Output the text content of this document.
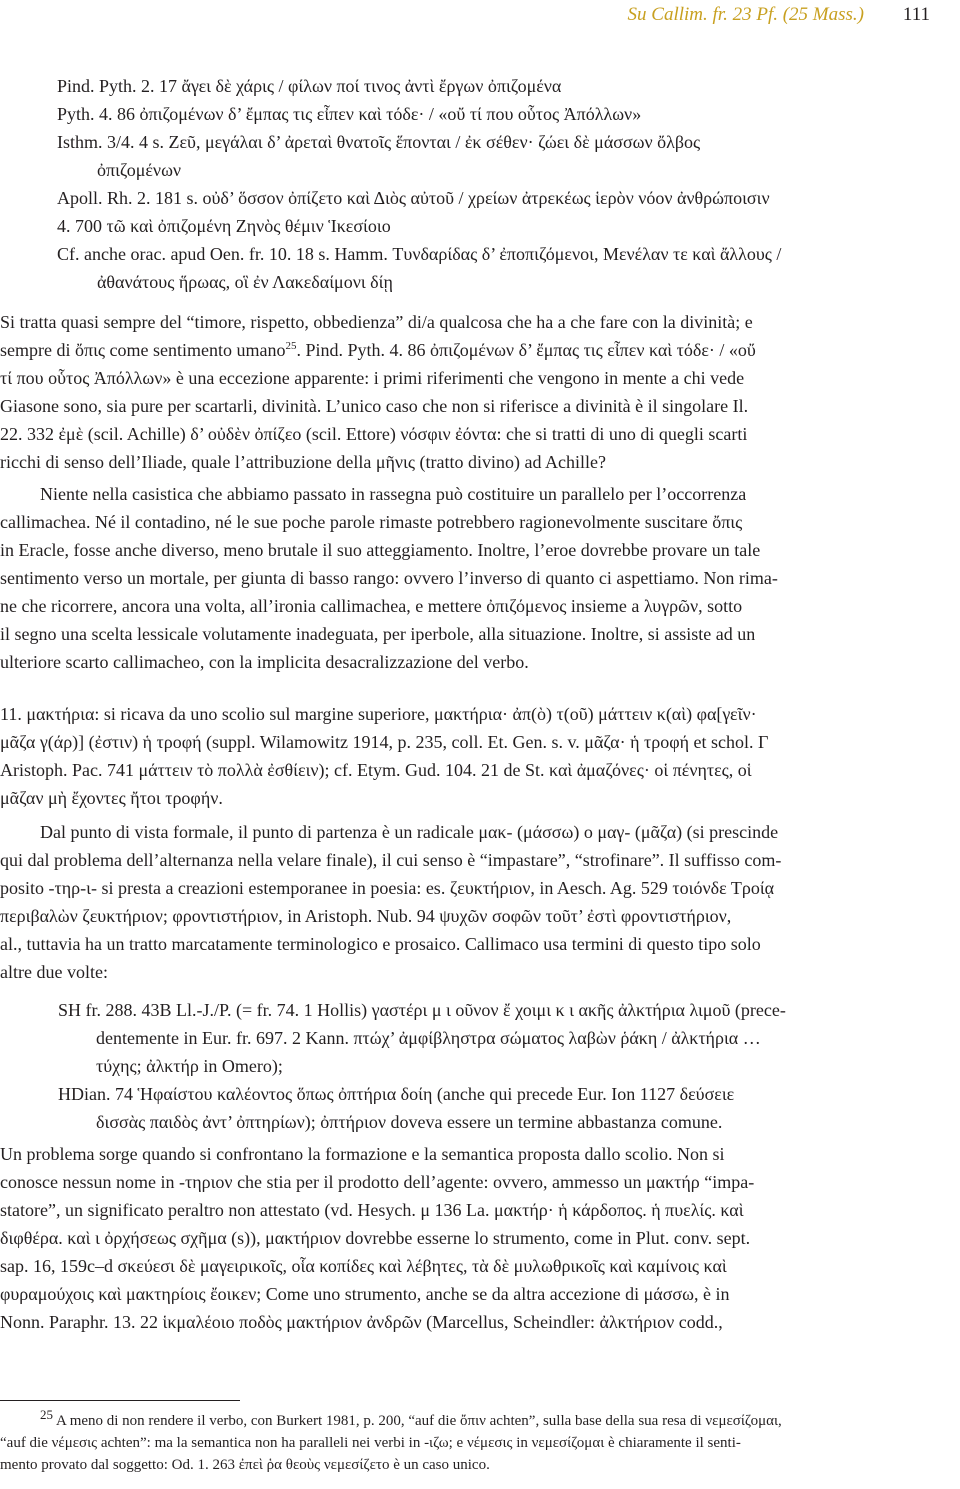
Su Callim. fr. 23 Pf. (25 Mass.) 111
Pind. Pyth. 2. 17 ἄγει δὲ χάρις / φίλων ποί τινος ἀντὶ ἔργων ὀπιζομένα
Pyth. 4. 86 ὀπιζομένων δ’ ἔμπας τις εἶπεν καὶ τόδε· / «οὔ τί που οὗτος Ἀπόλλων»
Isthm. 3/4. 4 s. Ζεῦ, μεγάλαι δ’ ἀρεταὶ θνατοῖς ἕπονται / ἐκ σέθεν· ζώει δὲ μάσσων ὄλβος
ὀπιζομένων
Apoll. Rh. 2. 181 s. οὐδ’ ὅσσον ὀπίζετο καὶ Διὸς αὐτοῦ / χρείων ἀτρεκέως ἱερὸν νόον ἀνθρώποισιν
4. 700 τῶ καὶ ὀπιζομένη Ζηνὸς θέμιν Ἱκεσίοιο
Cf. anche orac. apud Oen. fr. 10. 18 s. Hamm. Τυνδαρίδας δ’ ἐποπιζόμενοι, Μενέλαν τε καὶ ἄλλους /
ἀθανάτους ἥρωας, οἳ ἐν Λακεδαίμονι δίῃ
Si tratta quasi sempre del “timore, rispetto, obbedienza” di/a qualcosa che ha a che fare con la divinità; e
sempre di ὄπις come sentimento umano$^{25}$. Pind. Pyth. 4. 86 ὀπιζομένων δ’ ἔμπας τις εἶπεν καὶ τόδε· / «οὔ
τί που οὗτος Ἀπόλλων» è una eccezione apparente: i primi riferimenti che vengono in mente a chi vede
Giasone sono, sia pure per scartarli, divinità. L’unico caso che non si riferisce a divinità è il singolare Il.
22. 332 ἐμὲ (scil. Achille) δ’ οὐδὲν ὀπίζεο (scil. Ettore) νόσφιν ἐόντα: che si tratti di uno di quegli scarti
ricchi di senso dell’Iliade, quale l’attribuzione della μῆνις (tratto divino) ad Achille?
Niente nella casistica che abbiamo passato in rassegna può costituire un parallelo per l’occorrenza
callimachea. Né il contadino, né le sue poche parole rimaste potrebbero ragionevolmente suscitare ὄπις
in Eracle, fosse anche diverso, meno brutale il suo atteggiamento. Inoltre, l’eroe dovrebbe provare un tale
sentimento verso un mortale, per giunta di basso rango: ovvero l’inverso di quanto ci aspettiamo. Non rima-
ne che ricorrere, ancora una volta, all’ironia callimachea, e mettere ὀπιζόμενος insieme a λυγρῶν, sotto
il segno una scelta lessicale volutamente inadeguata, per iperbole, alla situazione. Inoltre, si assiste ad un
ulteriore scarto callimacheo, con la implicita desacralizzazione del verbo.
11. μακτήρια: si ricava da uno scolio sul margine superiore, μακτήρια· ἀπ(ὸ) τ(οῦ) μάττειν κ(αὶ) φα[γεῖν·
μᾶζα γ(άρ)] (ἐστιν) ἡ τροφή (suppl. Wilamowitz 1914, p. 235, coll. Et. Gen. s. v. μᾶζα· ἡ τροφή et schol. Γ
Aristoph. Pac. 741 μάττειν τὸ πολλὰ ἐσθίειν); cf. Etym. Gud. 104. 21 de St. καὶ ἀμαζόνες· οἱ πένητες, οἱ
μᾶζαν μὴ ἔχοντες ἤτοι τροφήν.
Dal punto di vista formale, il punto di partenza è un radicale μακ- (μάσσω) o μαγ- (μᾶζα) (si prescinde
qui dal problema dell’alternanza nella velare finale), il cui senso è “impastare”, “strofinare”. Il suffisso com-
posito -τηρ-ι- si presta a creazioni estemporanee in poesia: es. ζευκτήριον, in Aesch. Ag. 529 τοιόνδε Τροίᾳ
περιβαλὼν ζευκτήριον; φροντιστήριον, in Aristoph. Nub. 94 ψυχῶν σοφῶν τοῦτ’ ἐστὶ φροντιστήριον,
al., tuttavia ha un tratto marcatamente terminologico e prosaico. Callimaco usa termini di questo tipo solo
altre due volte:
SH fr. 288. 43B Ll.-J./P. (= fr. 74. 1 Hollis) γαστέρι μ ι οῦνον ἔ χοιμι κ ι ακῆς ἀλκτήρια λιμοῦ (prece-
dentemente in Eur. fr. 697. 2 Kann. πτώχ’ ἀμφίβληστρα σώματος λαβὼν ῥάκη / ἀλκτήρια …
τύχης; ἀλκτήρ in Omero);
HDian. 74 Ἡφαίστου καλέοντος ὅπως ὀπτήρια δοίη (anche qui precede Eur. Ion 1127 δεύσειε
δισσὰς παιδὸς ἀντ’ ὀπτηρίων); ὀπτήριον doveva essere un termine abbastanza comune.
Un problema sorge quando si confrontano la formazione e la semantica proposta dallo scolio. Non si
conosce nessun nome in -τηριον che stia per il prodotto dell’agente: ovvero, ammesso un μακτήρ “impa-
statore”, un significato peraltro non attestato (vd. Hesych. μ 136 La. μακτήρ· ἡ κάρδοπος. ἡ πυελίς. καὶ
διφθέρα. καὶ ι ὀρχήσεως σχῆμα (s)), μακτήριον dovrebbe esserne lo strumento, come in Plut. conv. sept.
sap. 16, 159c–d σκεύεσι δὲ μαγειρικοῖς, οἷα κοπίδες καὶ λέβητες, τὰ δὲ μυλωθρικοῖς καὶ καμίνοις καὶ
φυραμούχοις καὶ μακτηρίοις ἔοικεν; Come uno strumento, anche se da altra accezione di μάσσω, è in
Nonn. Paraphr. 13. 22 ἱκμαλέοιο ποδὸς μακτήριον ἀνδρῶν (Marcellus, Scheindler: ἀλκτήριον codd.,
25 A meno di non rendere il verbo, con Burkert 1981, p. 200, “auf die ὄπιν achten”, sulla base della sua resa di νεμεσίζομαι,
“auf die νέμεσις achten”: ma la semantica non ha paralleli nei verbi in -ιζω; e νέμεσις in νεμεσίζομαι è chiaramente il senti-
mento provato dal soggetto: Od. 1. 263 ἐπεὶ ῥα θεοὺς νεμεσίζετο è un caso unico.
